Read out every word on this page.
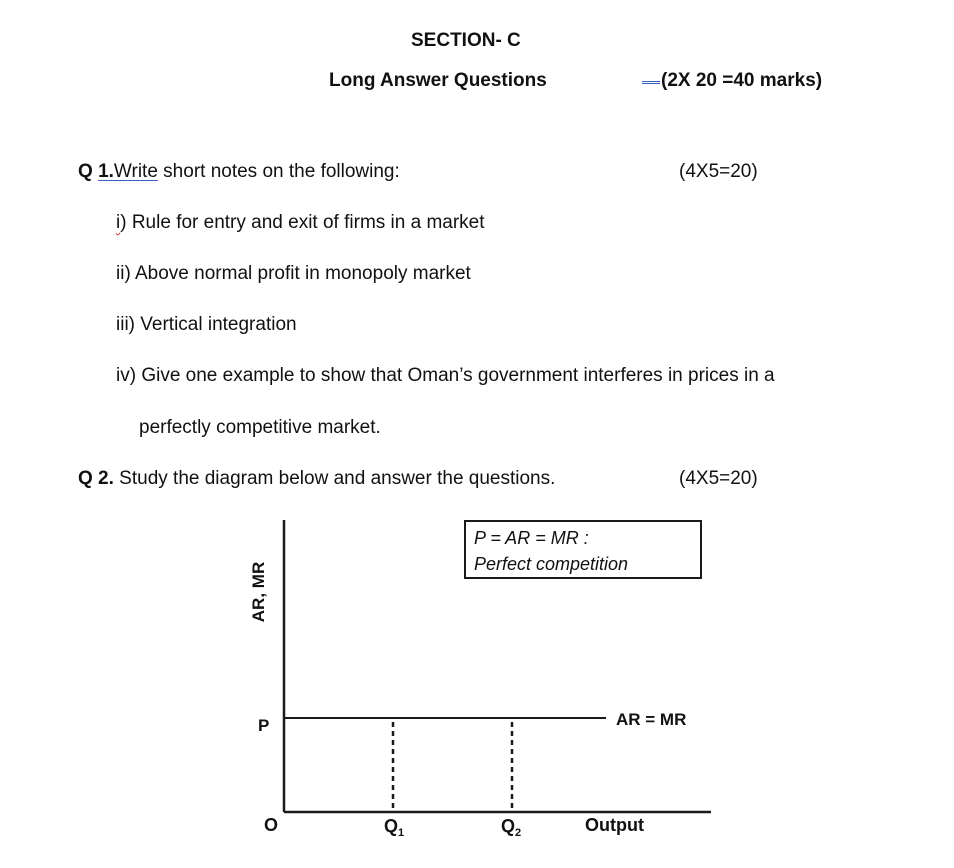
SECTION- C
Long Answer Questions	(2X 20 =40 marks)
Q 1.Write short notes on the following:	(4X5=20)
i) Rule for entry and exit of firms in a market
ii) Above normal profit in monopoly market
iii) Vertical integration
iv) Give one example to show that Oman’s government interferes in prices in a
perfectly competitive market.
Q 2. Study the diagram below and answer the questions.	(4X5=20)
AR, MR
P = AR = MR :
Perfect competition
AR = MR
P
O	$Q_1$	$Q_2$	Output
